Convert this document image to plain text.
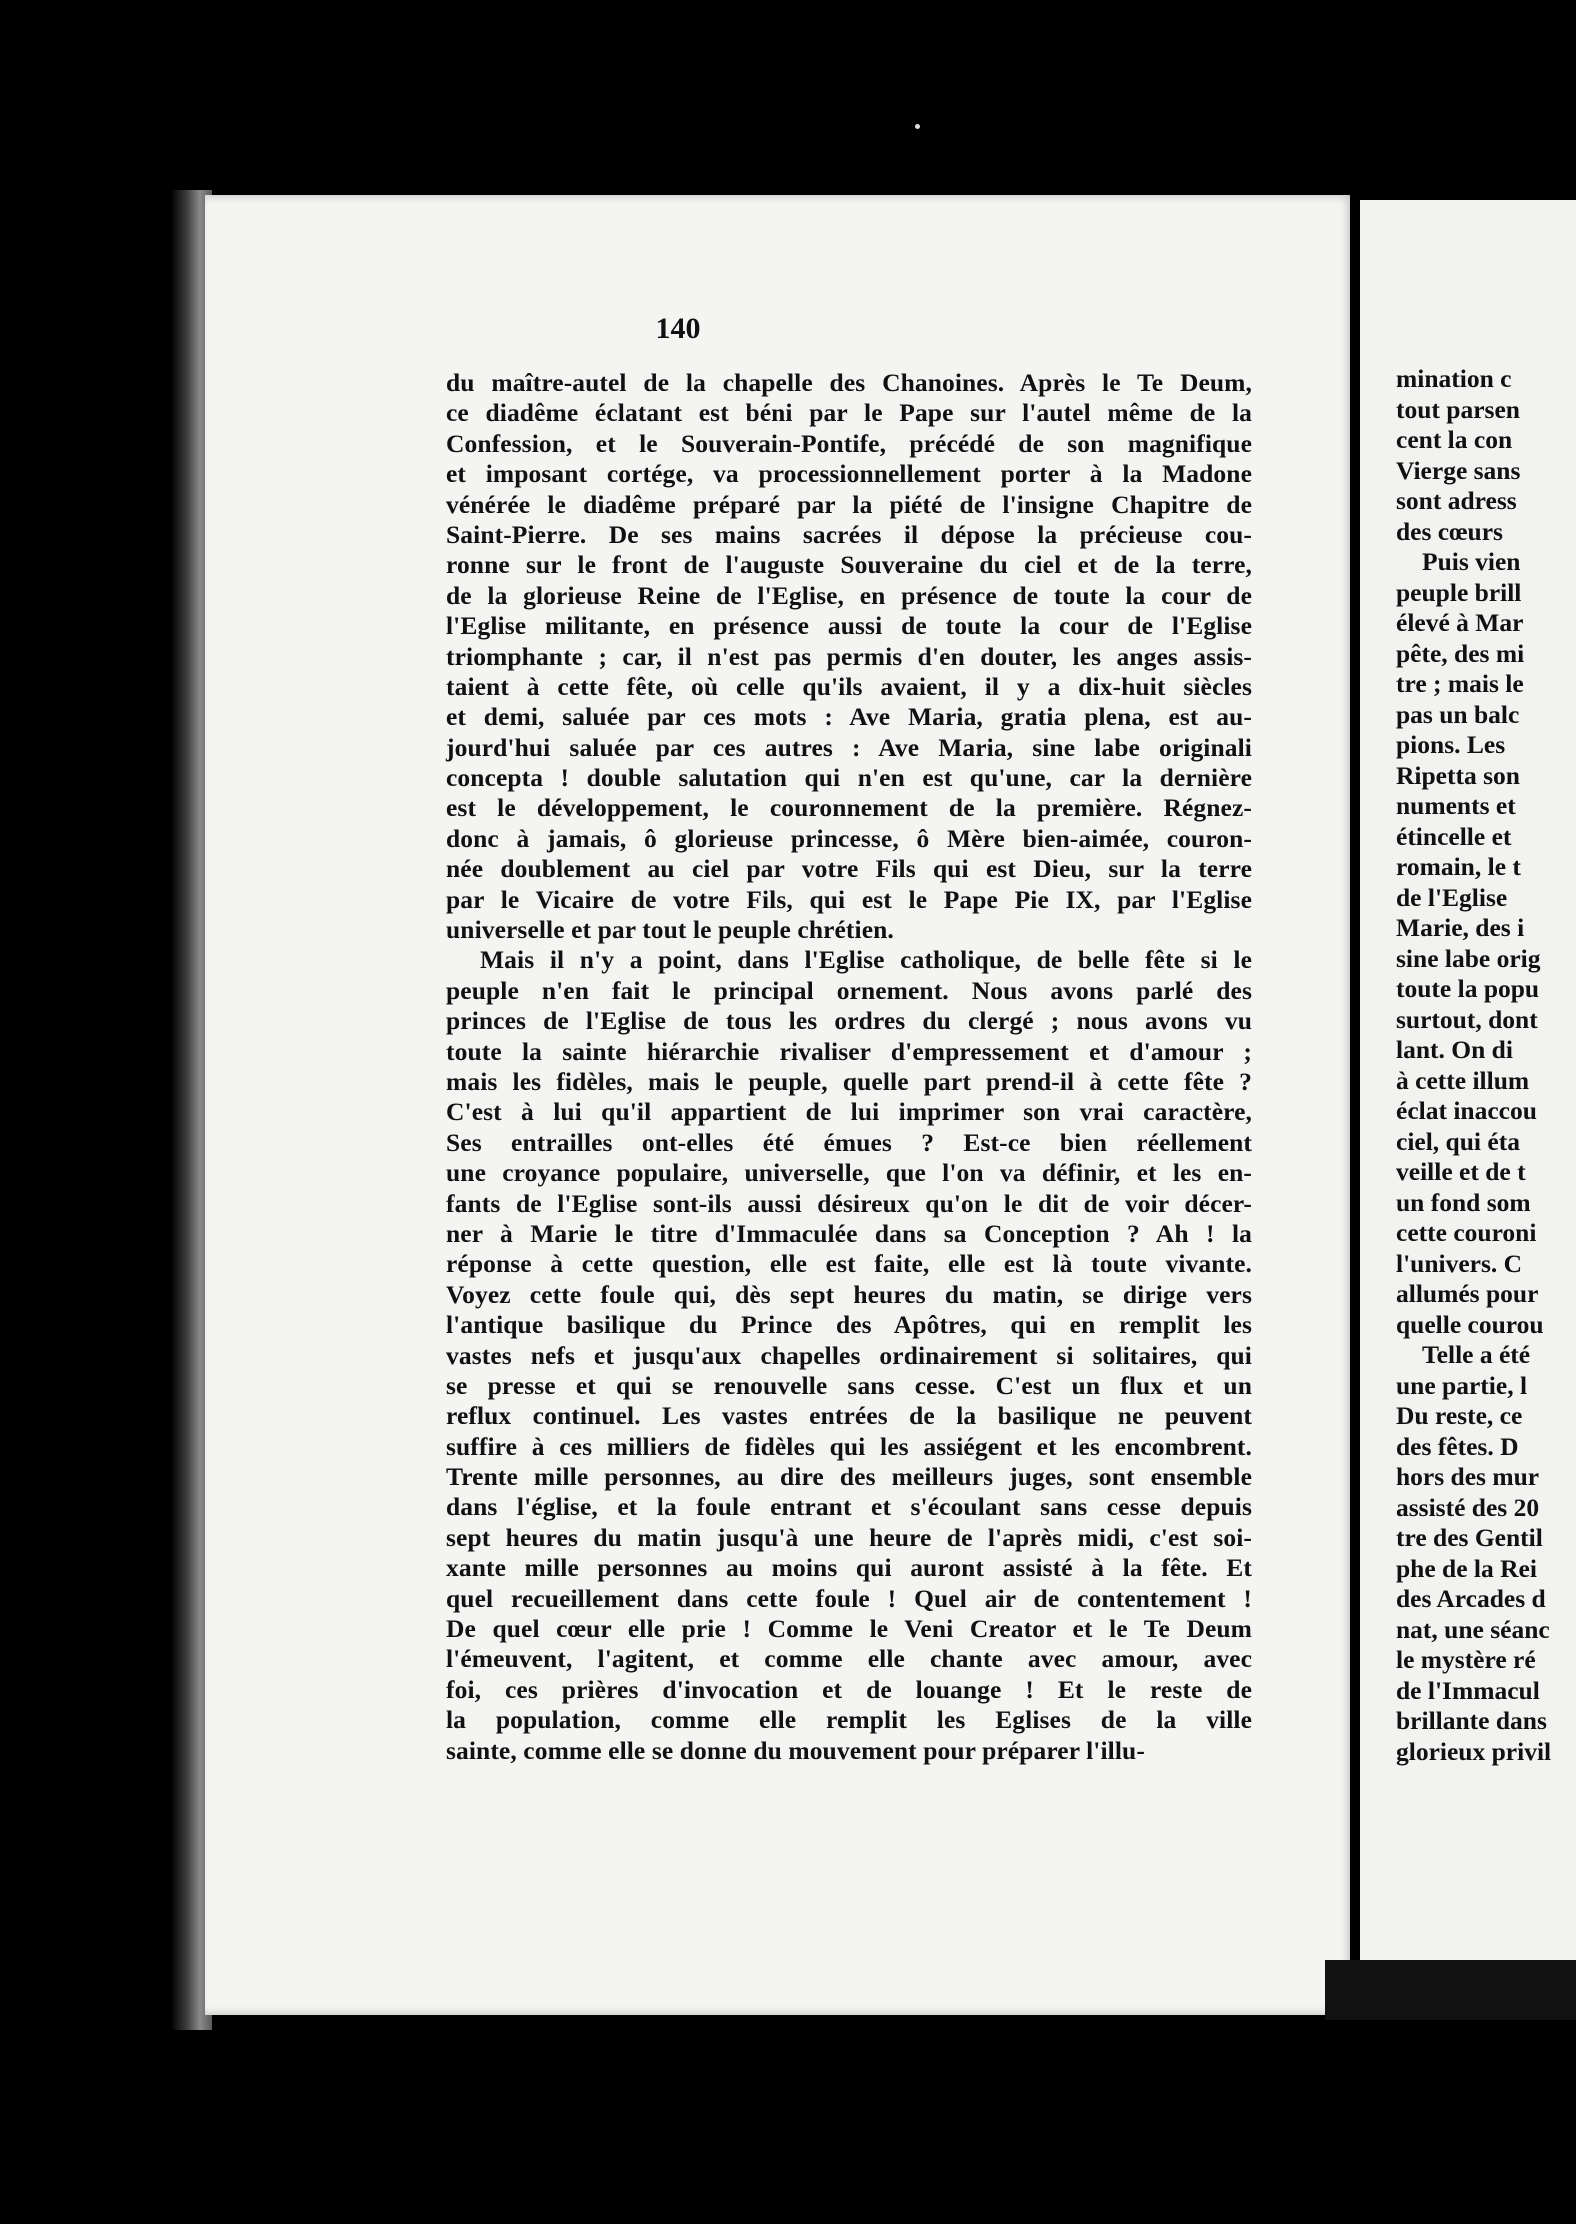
140
du maître-autel de la chapelle des Chanoines. Après le Te Deum,
ce diadême éclatant est béni par le Pape sur l'autel même de la
Confession, et le Souverain-Pontife, précédé de son magnifique
et imposant cortége, va processionnellement porter à la Madone
vénérée le diadême préparé par la piété de l'insigne Chapitre de
Saint-Pierre. De ses mains sacrées il dépose la précieuse cou-
ronne sur le front de l'auguste Souveraine du ciel et de la terre,
de la glorieuse Reine de l'Eglise, en présence de toute la cour de
l'Eglise militante, en présence aussi de toute la cour de l'Eglise
triomphante ; car, il n'est pas permis d'en douter, les anges assis-
taient à cette fête, où celle qu'ils avaient, il y a dix-huit siècles
et demi, saluée par ces mots : Ave Maria, gratia plena, est au-
jourd'hui saluée par ces autres : Ave Maria, sine labe originali
concepta ! double salutation qui n'en est qu'une, car la dernière
est le développement, le couronnement de la première. Régnez-
donc à jamais, ô glorieuse princesse, ô Mère bien-aimée, couron-
née doublement au ciel par votre Fils qui est Dieu, sur la terre
par le Vicaire de votre Fils, qui est le Pape Pie IX, par l'Eglise
universelle et par tout le peuple chrétien.
Mais il n'y a point, dans l'Eglise catholique, de belle fête si le
peuple n'en fait le principal ornement. Nous avons parlé des
princes de l'Eglise de tous les ordres du clergé ; nous avons vu
toute la sainte hiérarchie rivaliser d'empressement et d'amour ;
mais les fidèles, mais le peuple, quelle part prend-il à cette fête ?
C'est à lui qu'il appartient de lui imprimer son vrai caractère,
Ses entrailles ont-elles été émues ? Est-ce bien réellement
une croyance populaire, universelle, que l'on va définir, et les en-
fants de l'Eglise sont-ils aussi désireux qu'on le dit de voir décer-
ner à Marie le titre d'Immaculée dans sa Conception ? Ah ! la
réponse à cette question, elle est faite, elle est là toute vivante.
Voyez cette foule qui, dès sept heures du matin, se dirige vers
l'antique basilique du Prince des Apôtres, qui en remplit les
vastes nefs et jusqu'aux chapelles ordinairement si solitaires, qui
se presse et qui se renouvelle sans cesse. C'est un flux et un
reflux continuel. Les vastes entrées de la basilique ne peuvent
suffire à ces milliers de fidèles qui les assiégent et les encombrent.
Trente mille personnes, au dire des meilleurs juges, sont ensemble
dans l'église, et la foule entrant et s'écoulant sans cesse depuis
sept heures du matin jusqu'à une heure de l'après midi, c'est soi-
xante mille personnes au moins qui auront assisté à la fête. Et
quel recueillement dans cette foule ! Quel air de contentement !
De quel cœur elle prie ! Comme le Veni Creator et le Te Deum
l'émeuvent, l'agitent, et comme elle chante avec amour, avec
foi, ces prières d'invocation et de louange ! Et le reste de
la population, comme elle remplit les Eglises de la ville
sainte, comme elle se donne du mouvement pour préparer l'illu-
mination c
tout parsen
cent la con
Vierge sans
sont adress
des cœurs
Puis vien
peuple brill
élevé à Mar
pête, des mi
tre ; mais le
pas un balc
pions. Les
Ripetta son
numents et
étincelle et
romain, le t
de l'Eglise
Marie, des i
sine labe orig
toute la popu
surtout, dont
lant. On di
à cette illum
éclat inaccou
ciel, qui éta
veille et de t
un fond som
cette couroni
l'univers. C
allumés pour
quelle courou
Telle a été
une partie, l
Du reste, ce
des fêtes. D
hors des mur
assisté des 20
tre des Gentil
phe de la Rei
des Arcades d
nat, une séanc
le mystère ré
de l'Immacul
brillante dans
glorieux privil
